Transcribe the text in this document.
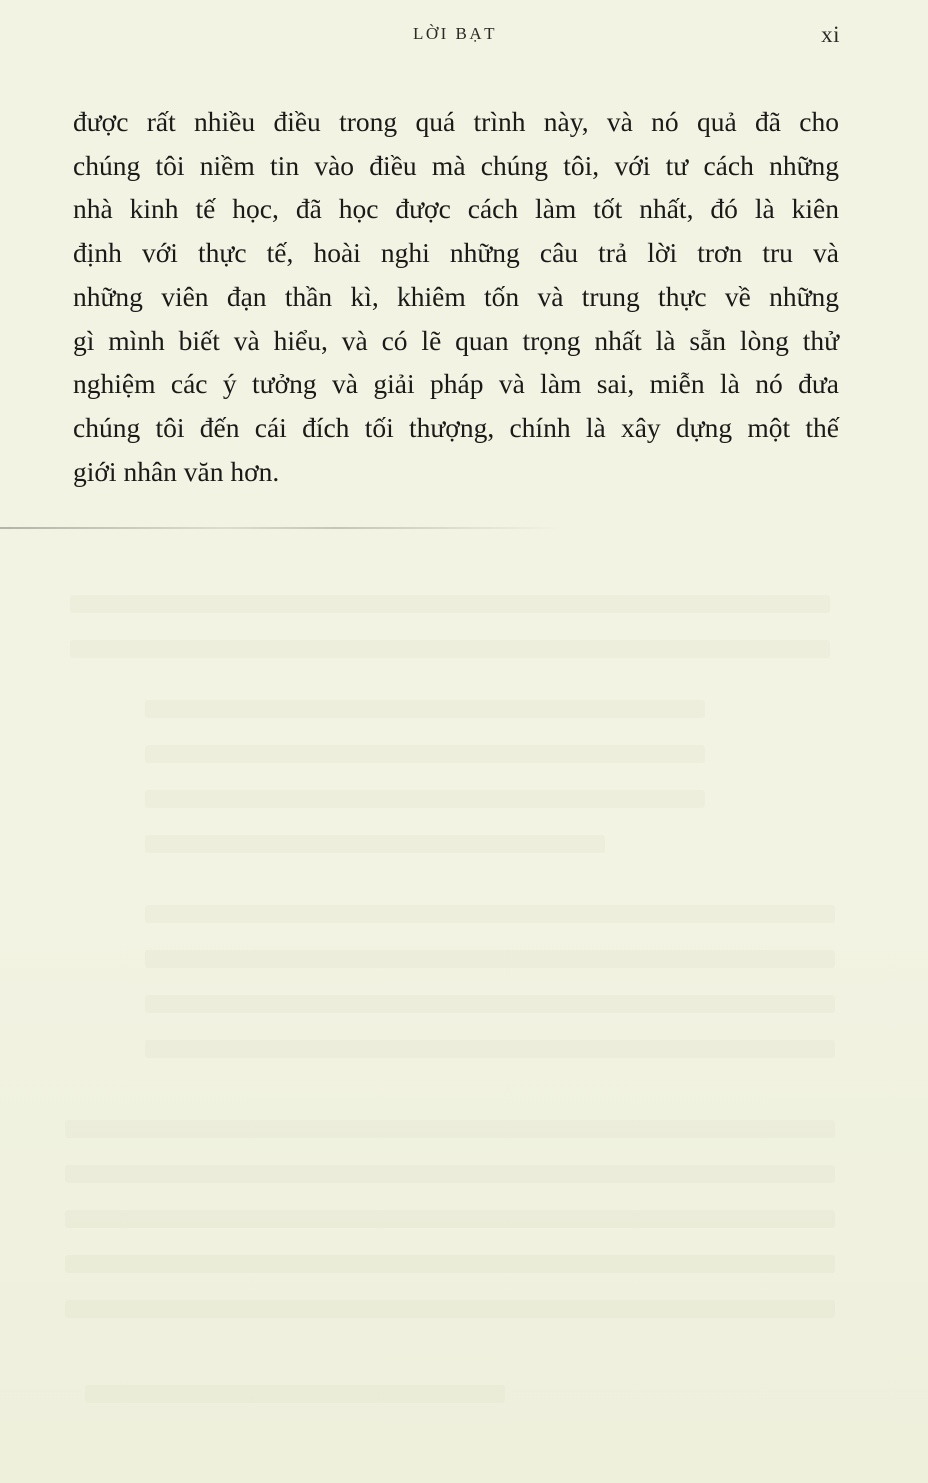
LỜI BẠT	xi
được rất nhiều điều trong quá trình này, và nó quả đã cho
chúng tôi niềm tin vào điều mà chúng tôi, với tư cách những
nhà kinh tế học, đã học được cách làm tốt nhất, đó là kiên
định với thực tế, hoài nghi những câu trả lời trơn tru và
những viên đạn thần kì, khiêm tốn và trung thực về những
gì mình biết và hiểu, và có lẽ quan trọng nhất là sẵn lòng thử
nghiệm các ý tưởng và giải pháp và làm sai, miễn là nó đưa
chúng tôi đến cái đích tối thượng, chính là xây dựng một thế
giới nhân văn hơn.
